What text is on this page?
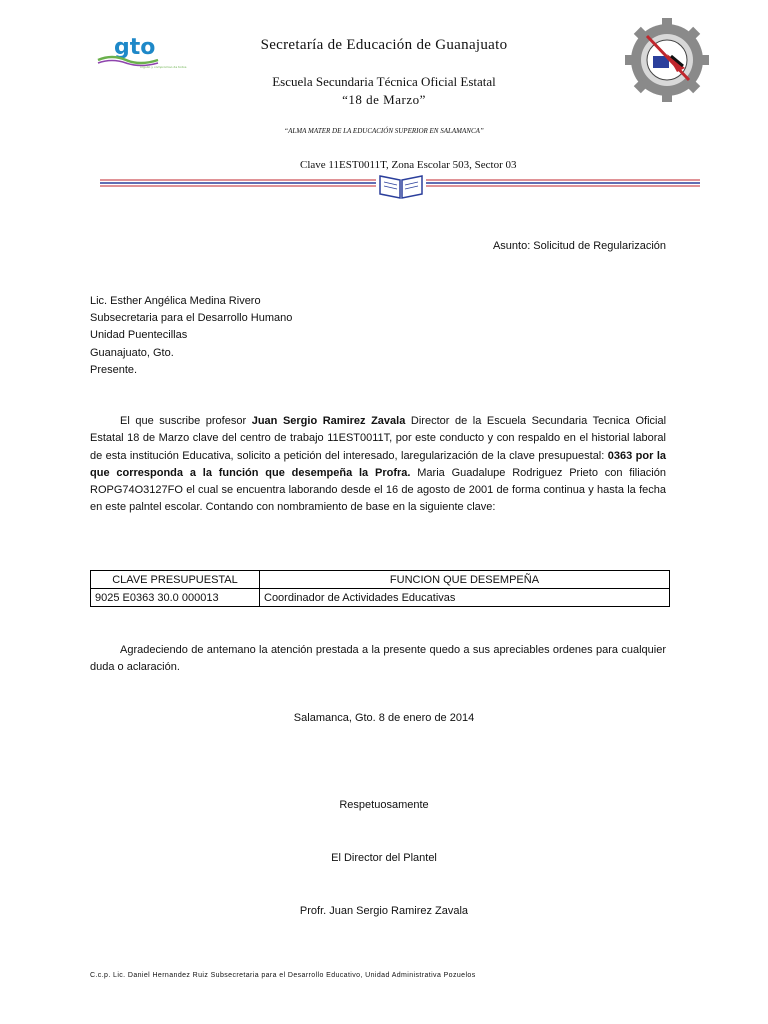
gto
orgullo y compromiso de todos
Secretaría de Educación de Guanajuato
Escuela Secundaria Técnica Oficial Estatal
“18 de Marzo”
“ALMA MATER DE LA EDUCACIÓN SUPERIOR EN SALAMANCA”
Clave 11EST0011T, Zona Escolar 503, Sector 03
Asunto: Solicitud de Regularización
Lic. Esther Angélica Medina Rivero
Subsecretaria para el Desarrollo Humano
Unidad Puentecillas
Guanajuato, Gto.
Presente.
El que suscribe profesor Juan Sergio Ramirez Zavala Director de la Escuela Secundaria Tecnica Oficial Estatal 18 de Marzo clave del centro de trabajo 11EST0011T, por este conducto y con respaldo en el historial laboral de esta institución Educativa, solicito a petición del interesado, laregularización de la clave presupuestal: 0363 por la que corresponda a la función que desempeña la Profra. Maria Guadalupe Rodriguez Prieto con filiación ROPG74O3127FO el cual se encuentra laborando desde el 16 de agosto de 2001 de forma continua y hasta la fecha en este palntel escolar. Contando con nombramiento de base en la siguiente clave:
CLAVE PRESUPUESTAL	FUNCION QUE DESEMPEÑA
9025 E0363 30.0 000013	Coordinador de Actividades Educativas
Agradeciendo de antemano la atención prestada a la presente quedo a sus apreciables ordenes para cualquier duda o aclaración.
Salamanca, Gto. 8 de enero de 2014
Respetuosamente
El Director del Plantel
Profr. Juan Sergio Ramirez Zavala
C.c.p. Lic. Daniel Hernandez Ruiz Subsecretaria para el Desarrollo Educativo, Unidad Administrativa Pozuelos
